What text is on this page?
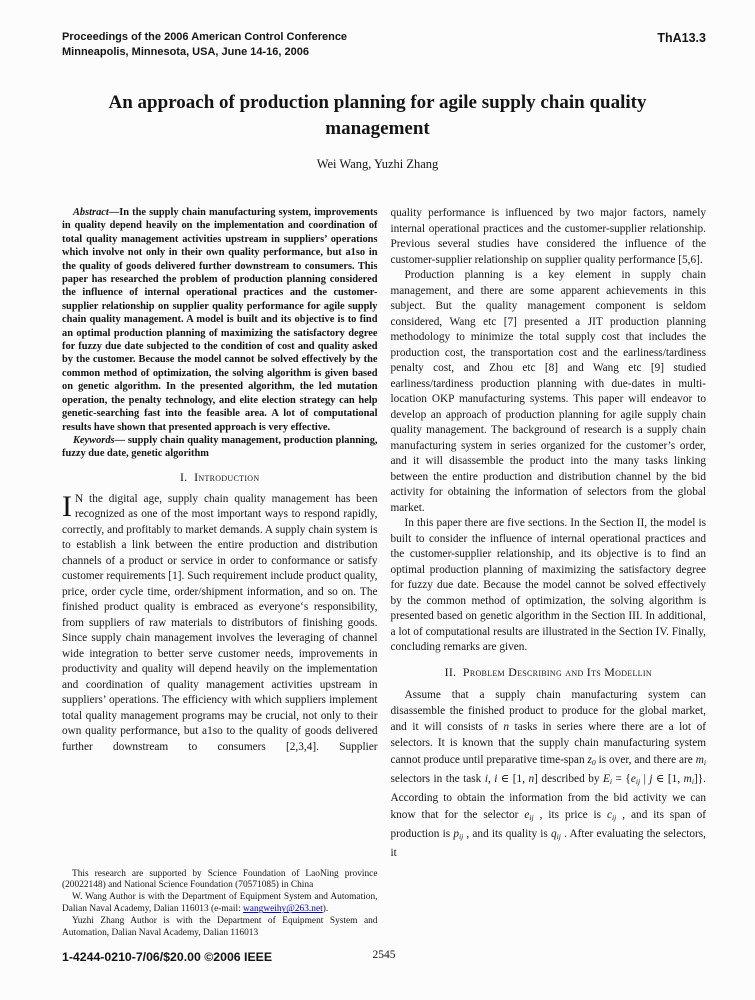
Proceedings of the 2006 American Control Conference
Minneapolis, Minnesota, USA, June 14-16, 2006
ThA13.3
An approach of production planning for agile supply chain quality management
Wei Wang, Yuzhi Zhang

Abstract—In the supply chain manufacturing system, improvements in quality depend heavily on the implementation and coordination of total quality management activities upstream in suppliers’ operations which involve not only in their own quality performance, but a1so in the quality of goods delivered further downstream to consumers. This paper has researched the problem of production planning considered the influence of internal operational practices and the customer-supplier relationship on supplier quality performance for agile supply chain quality management. A model is built and its objective is to find an optimal production planning of maximizing the satisfactory degree for fuzzy due date subjected to the condition of cost and quality asked by the customer. Because the model cannot be solved effectively by the common method of optimization, the solving algorithm is given based on genetic algorithm. In the presented algorithm, the led mutation operation, the penalty technology, and elite election strategy can help genetic-searching fast into the feasible area. A lot of computational results have shown that presented approach is very effective.

Keywords— supply chain quality management, production planning, fuzzy due date, genetic algorithm

I.  Introduction

I N the digital age, supply chain quality management has been recognized as one of the most important ways to respond rapidly, correctly, and profitably to market demands. A supply chain system is to establish a link between the entire production and distribution channels of a product or service in order to conformance or satisfy customer requirements [1]. Such requirement include product quality, price, order cycle time, order/shipment information, and so on. The finished product quality is embraced as everyone‘s responsibility, from suppliers of raw materials to distributors of finishing goods. Since supply chain management involves the leveraging of channel wide integration to better serve customer needs, improvements in productivity and quality will depend heavily on the implementation and coordination of quality management activities upstream in suppliers’ operations. The efficiency with which suppliers implement total quality management programs may be crucial, not only to their own quality performance, but a1so to the quality of goods delivered further downstream to consumers [2,3,4]. Supplier

This research are supported by Science Foundation of LaoNing province (20022148) and National Science Foundation (70571085) in China

W. Wang Author is with the Department of Equipment System and Automation, Dalian Naval Academy, Dalian 116013 (e-mail: wangweihy@263.net).

Yuzhi Zhang Author is with the Department of Equipment System and Automation, Dalian Naval Academy, Dalian 116013

quality performance is influenced by two major factors, namely internal operational practices and the customer-supplier relationship. Previous several studies have considered the influence of the customer-supplier relationship on supplier quality performance [5,6].

Production planning is a key element in supply chain management, and there are some apparent achievements in this subject. But the quality management component is seldom considered, Wang etc [7] presented a JIT production planning methodology to minimize the total supply cost that includes the production cost, the transportation cost and the earliness/tardiness penalty cost, and Zhou etc [8] and Wang etc [9] studied earliness/tardiness production planning with due-dates in multi-location OKP manufacturing systems. This paper will endeavor to develop an approach of production planning for agile supply chain quality management. The background of research is a supply chain manufacturing system in series organized for the customer’s order, and it will disassemble the product into the many tasks linking between the entire production and distribution channel by the bid activity for obtaining the information of selectors from the global market.

In this paper there are five sections. In the Section II, the model is built to consider the influence of internal operational practices and the customer-supplier relationship, and its objective is to find an optimal production planning of maximizing the satisfactory degree for fuzzy due date. Because the model cannot be solved effectively by the common method of optimization, the solving algorithm is presented based on genetic algorithm in the Section III. In additional, a lot of computational results are illustrated in the Section IV. Finally, concluding remarks are given.

II.  Problem Describing and Its Modellin

Assume that a supply chain manufacturing system can disassemble the finished product to produce for the global market, and it will consists of n tasks in series where there are a lot of selectors. It is known that the supply chain manufacturing system cannot produce until preparative time-span z0 is over, and there are mi selectors in the task i, i ∈ [1, n] described by Ei = {eij | j ∈ [1, mi]}. According to obtain the information from the bid activity we can know that for the selector eij , its price is cij , and its span of production is pij , and its quality is qij . After evaluating the selectors, it

1-4244-0210-7/06/$20.00 ©2006 IEEE	2545
